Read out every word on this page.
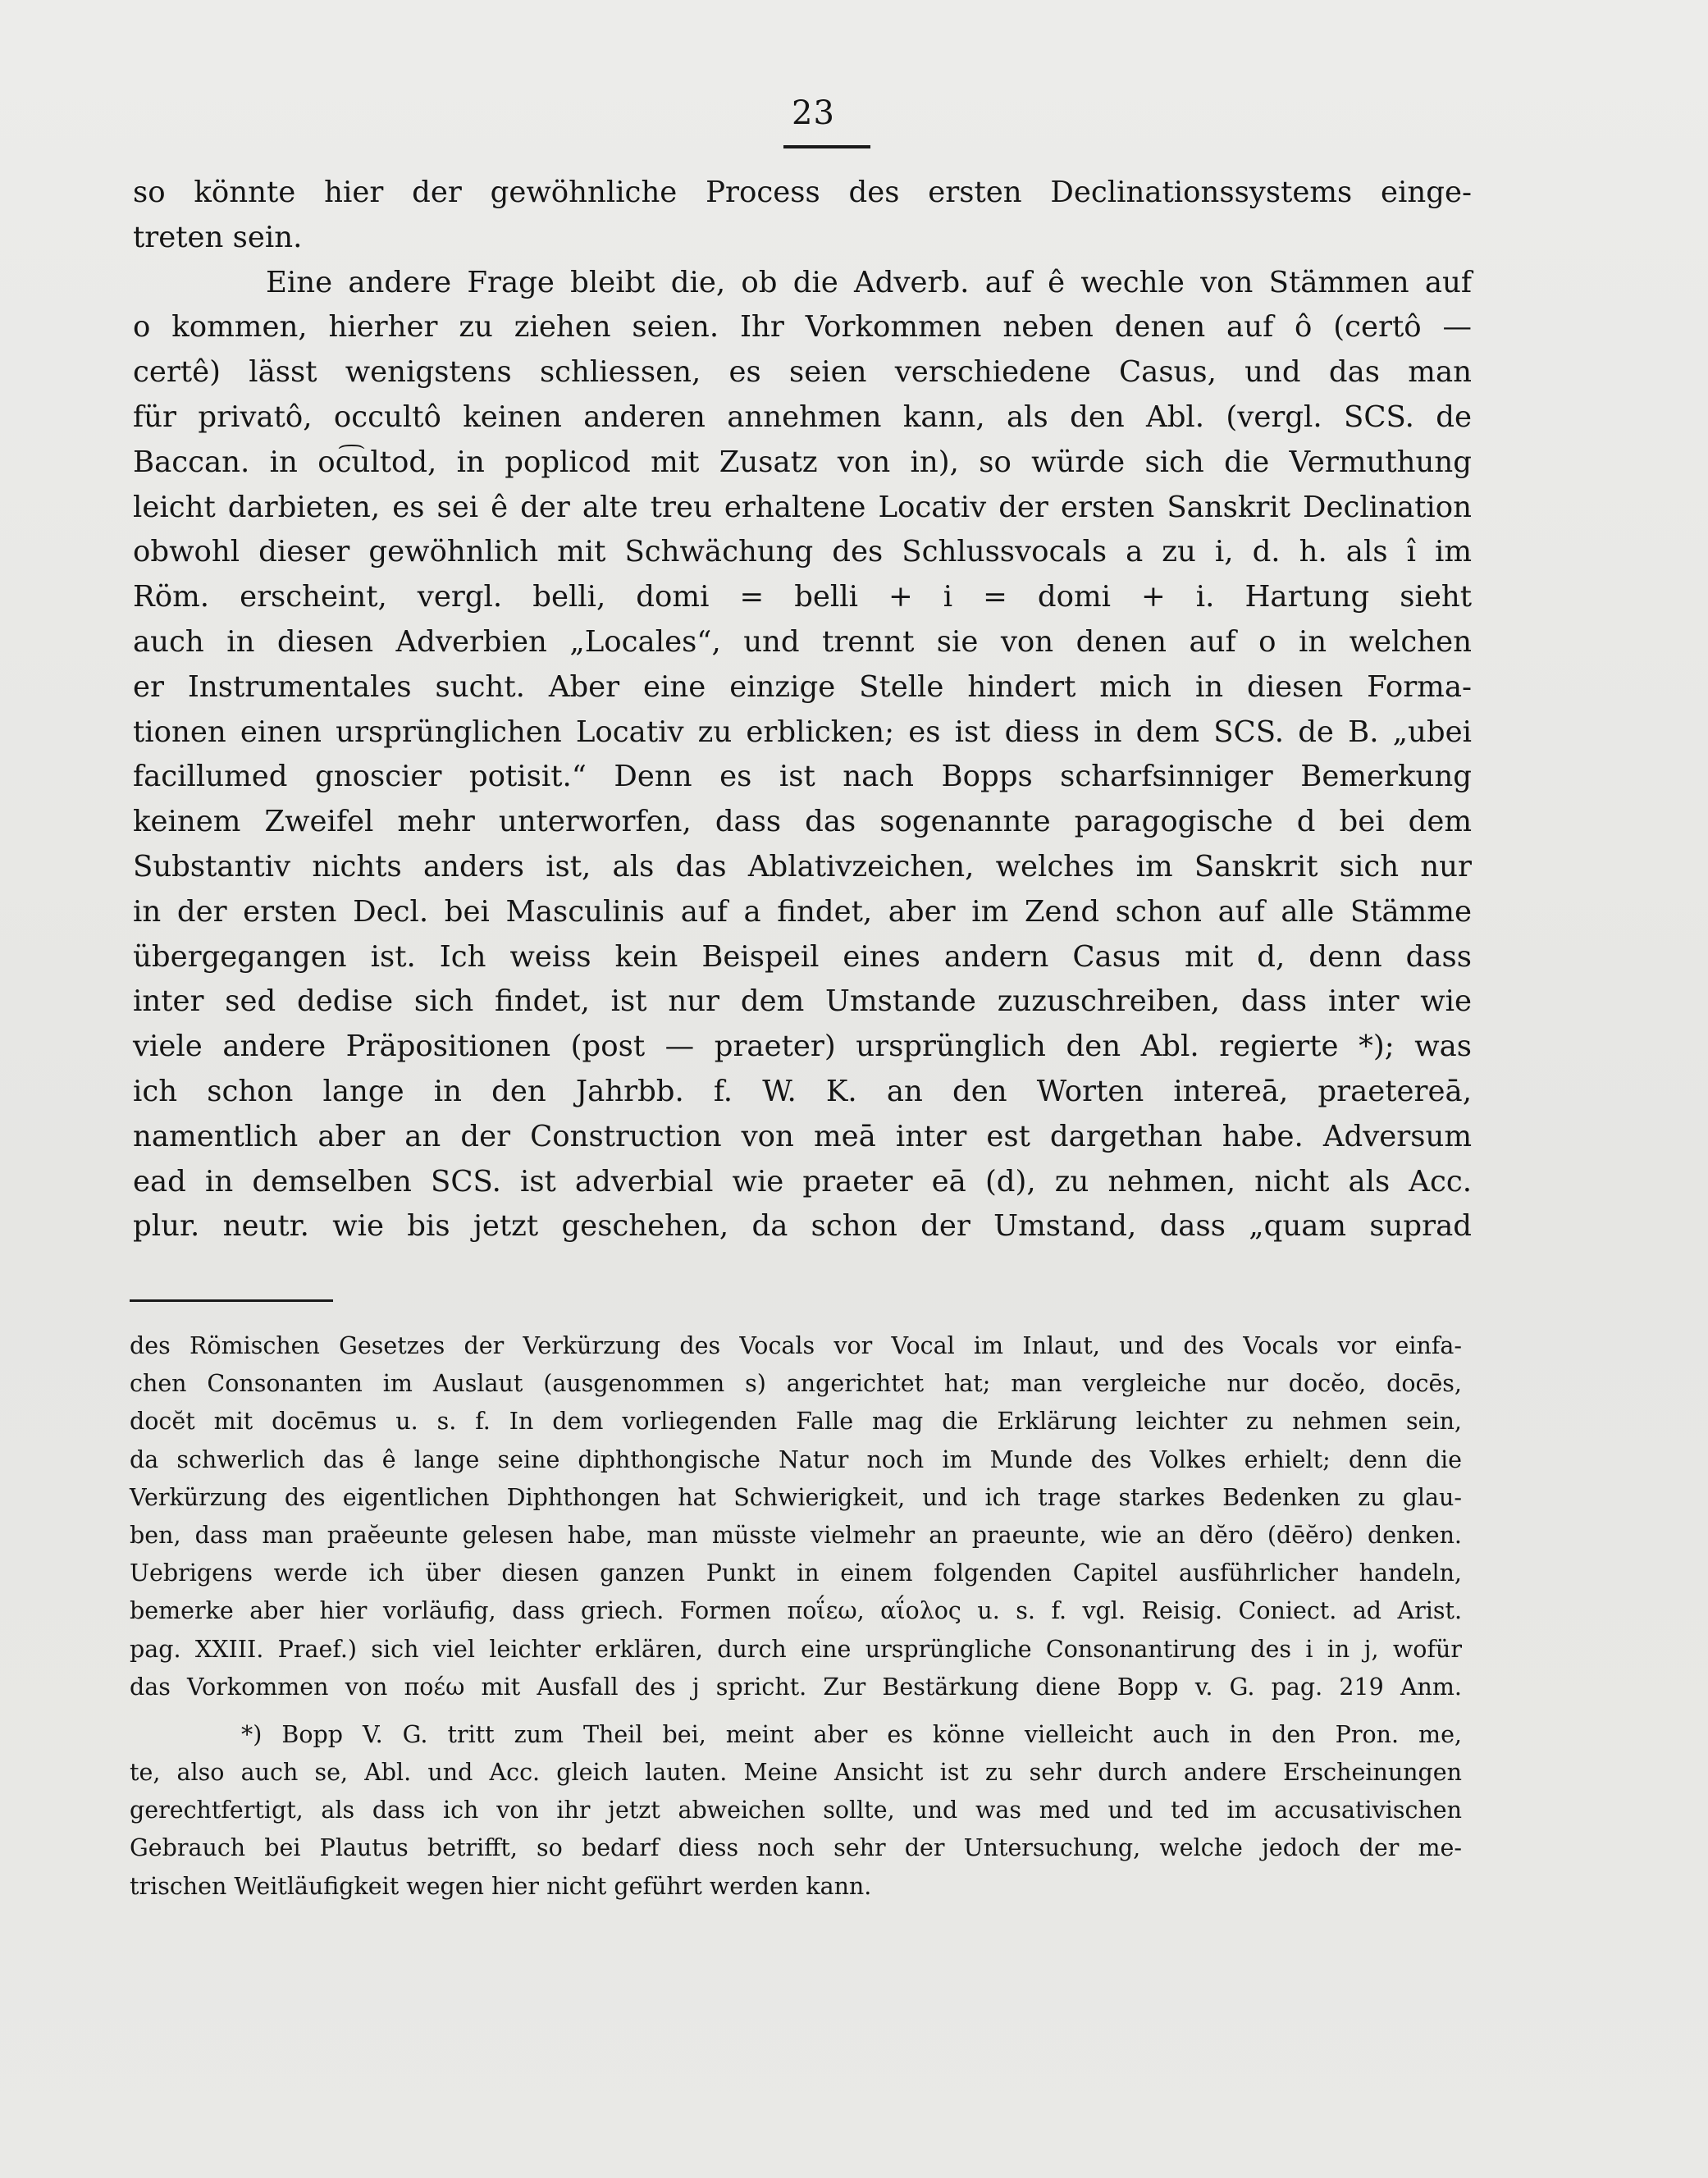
23
so könnte hier der gewöhnliche Process des ersten Declinationssystems einge-
treten sein.
Eine andere Frage bleibt die, ob die Adverb. auf ê wechle von Stämmen auf
o kommen, hierher zu ziehen seien. Ihr Vorkommen neben denen auf ô (certô —
certê) lässt wenigstens schliessen, es seien verschiedene Casus, und das man
für privatô, occultô keinen anderen annehmen kann, als den Abl. (vergl. SCS. de
Baccan. in oc͡ultod, in poplicod mit Zusatz von in), so würde sich die Vermuthung
leicht darbieten, es sei ê der alte treu erhaltene Locativ der ersten Sanskrit Declination
obwohl dieser gewöhnlich mit Schwächung des Schlussvocals a zu i, d. h. als î im
Röm. erscheint, vergl. belli, domi = belli + i = domi + i. Hartung sieht
auch in diesen Adverbien „Locales“, und trennt sie von denen auf o in welchen
er Instrumentales sucht. Aber eine einzige Stelle hindert mich in diesen Forma-
tionen einen ursprünglichen Locativ zu erblicken; es ist diess in dem SCS. de B. „ubei
facillumed gnoscier potisit.“ Denn es ist nach Bopps scharfsinniger Bemerkung
keinem Zweifel mehr unterworfen, dass das sogenannte paragogische d bei dem
Substantiv nichts anders ist, als das Ablativzeichen, welches im Sanskrit sich nur
in der ersten Decl. bei Masculinis auf a findet, aber im Zend schon auf alle Stämme
übergegangen ist. Ich weiss kein Beispeil eines andern Casus mit d, denn dass
inter sed dedise sich findet, ist nur dem Umstande zuzuschreiben, dass inter wie
viele andere Präpositionen (post — praeter) ursprünglich den Abl. regierte *); was
ich schon lange in den Jahrbb. f. W. K. an den Worten intereā, praetereā,
namentlich aber an der Construction von meā inter est dargethan habe. Adversum
ead in demselben SCS. ist adverbial wie praeter eā (d), zu nehmen, nicht als Acc.
plur. neutr. wie bis jetzt geschehen, da schon der Umstand, dass „quam suprad
des Römischen Gesetzes der Verkürzung des Vocals vor Vocal im Inlaut, und des Vocals vor einfa-
chen Consonanten im Auslaut (ausgenommen s) angerichtet hat; man vergleiche nur docĕo, docēs,
docĕt mit docēmus u. s. f. In dem vorliegenden Falle mag die Erklärung leichter zu nehmen sein,
da schwerlich das ê lange seine diphthongische Natur noch im Munde des Volkes erhielt; denn die
Verkürzung des eigentlichen Diphthongen hat Schwierigkeit, und ich trage starkes Bedenken zu glau-
ben, dass man praĕeunte gelesen habe, man müsste vielmehr an praeunte, wie an dĕro (dēĕro) denken.
Uebrigens werde ich über diesen ganzen Punkt in einem folgenden Capitel ausführlicher handeln,
bemerke aber hier vorläufig, dass griech. Formen ποΐεω, αΐολος u. s. f. vgl. Reisig. Coniect. ad Arist.
pag. XXIII. Praef.) sich viel leichter erklären, durch eine ursprüngliche Consonantirung des i in j, wofür
das Vorkommen von ποέω mit Ausfall des j spricht. Zur Bestärkung diene Bopp v. G. pag. 219 Anm.
*) Bopp V. G. tritt zum Theil bei, meint aber es könne vielleicht auch in den Pron. me,
te, also auch se, Abl. und Acc. gleich lauten. Meine Ansicht ist zu sehr durch andere Erscheinungen
gerechtfertigt, als dass ich von ihr jetzt abweichen sollte, und was med und ted im accusativischen
Gebrauch bei Plautus betrifft, so bedarf diess noch sehr der Untersuchung, welche jedoch der me-
trischen Weitläufigkeit wegen hier nicht geführt werden kann.
